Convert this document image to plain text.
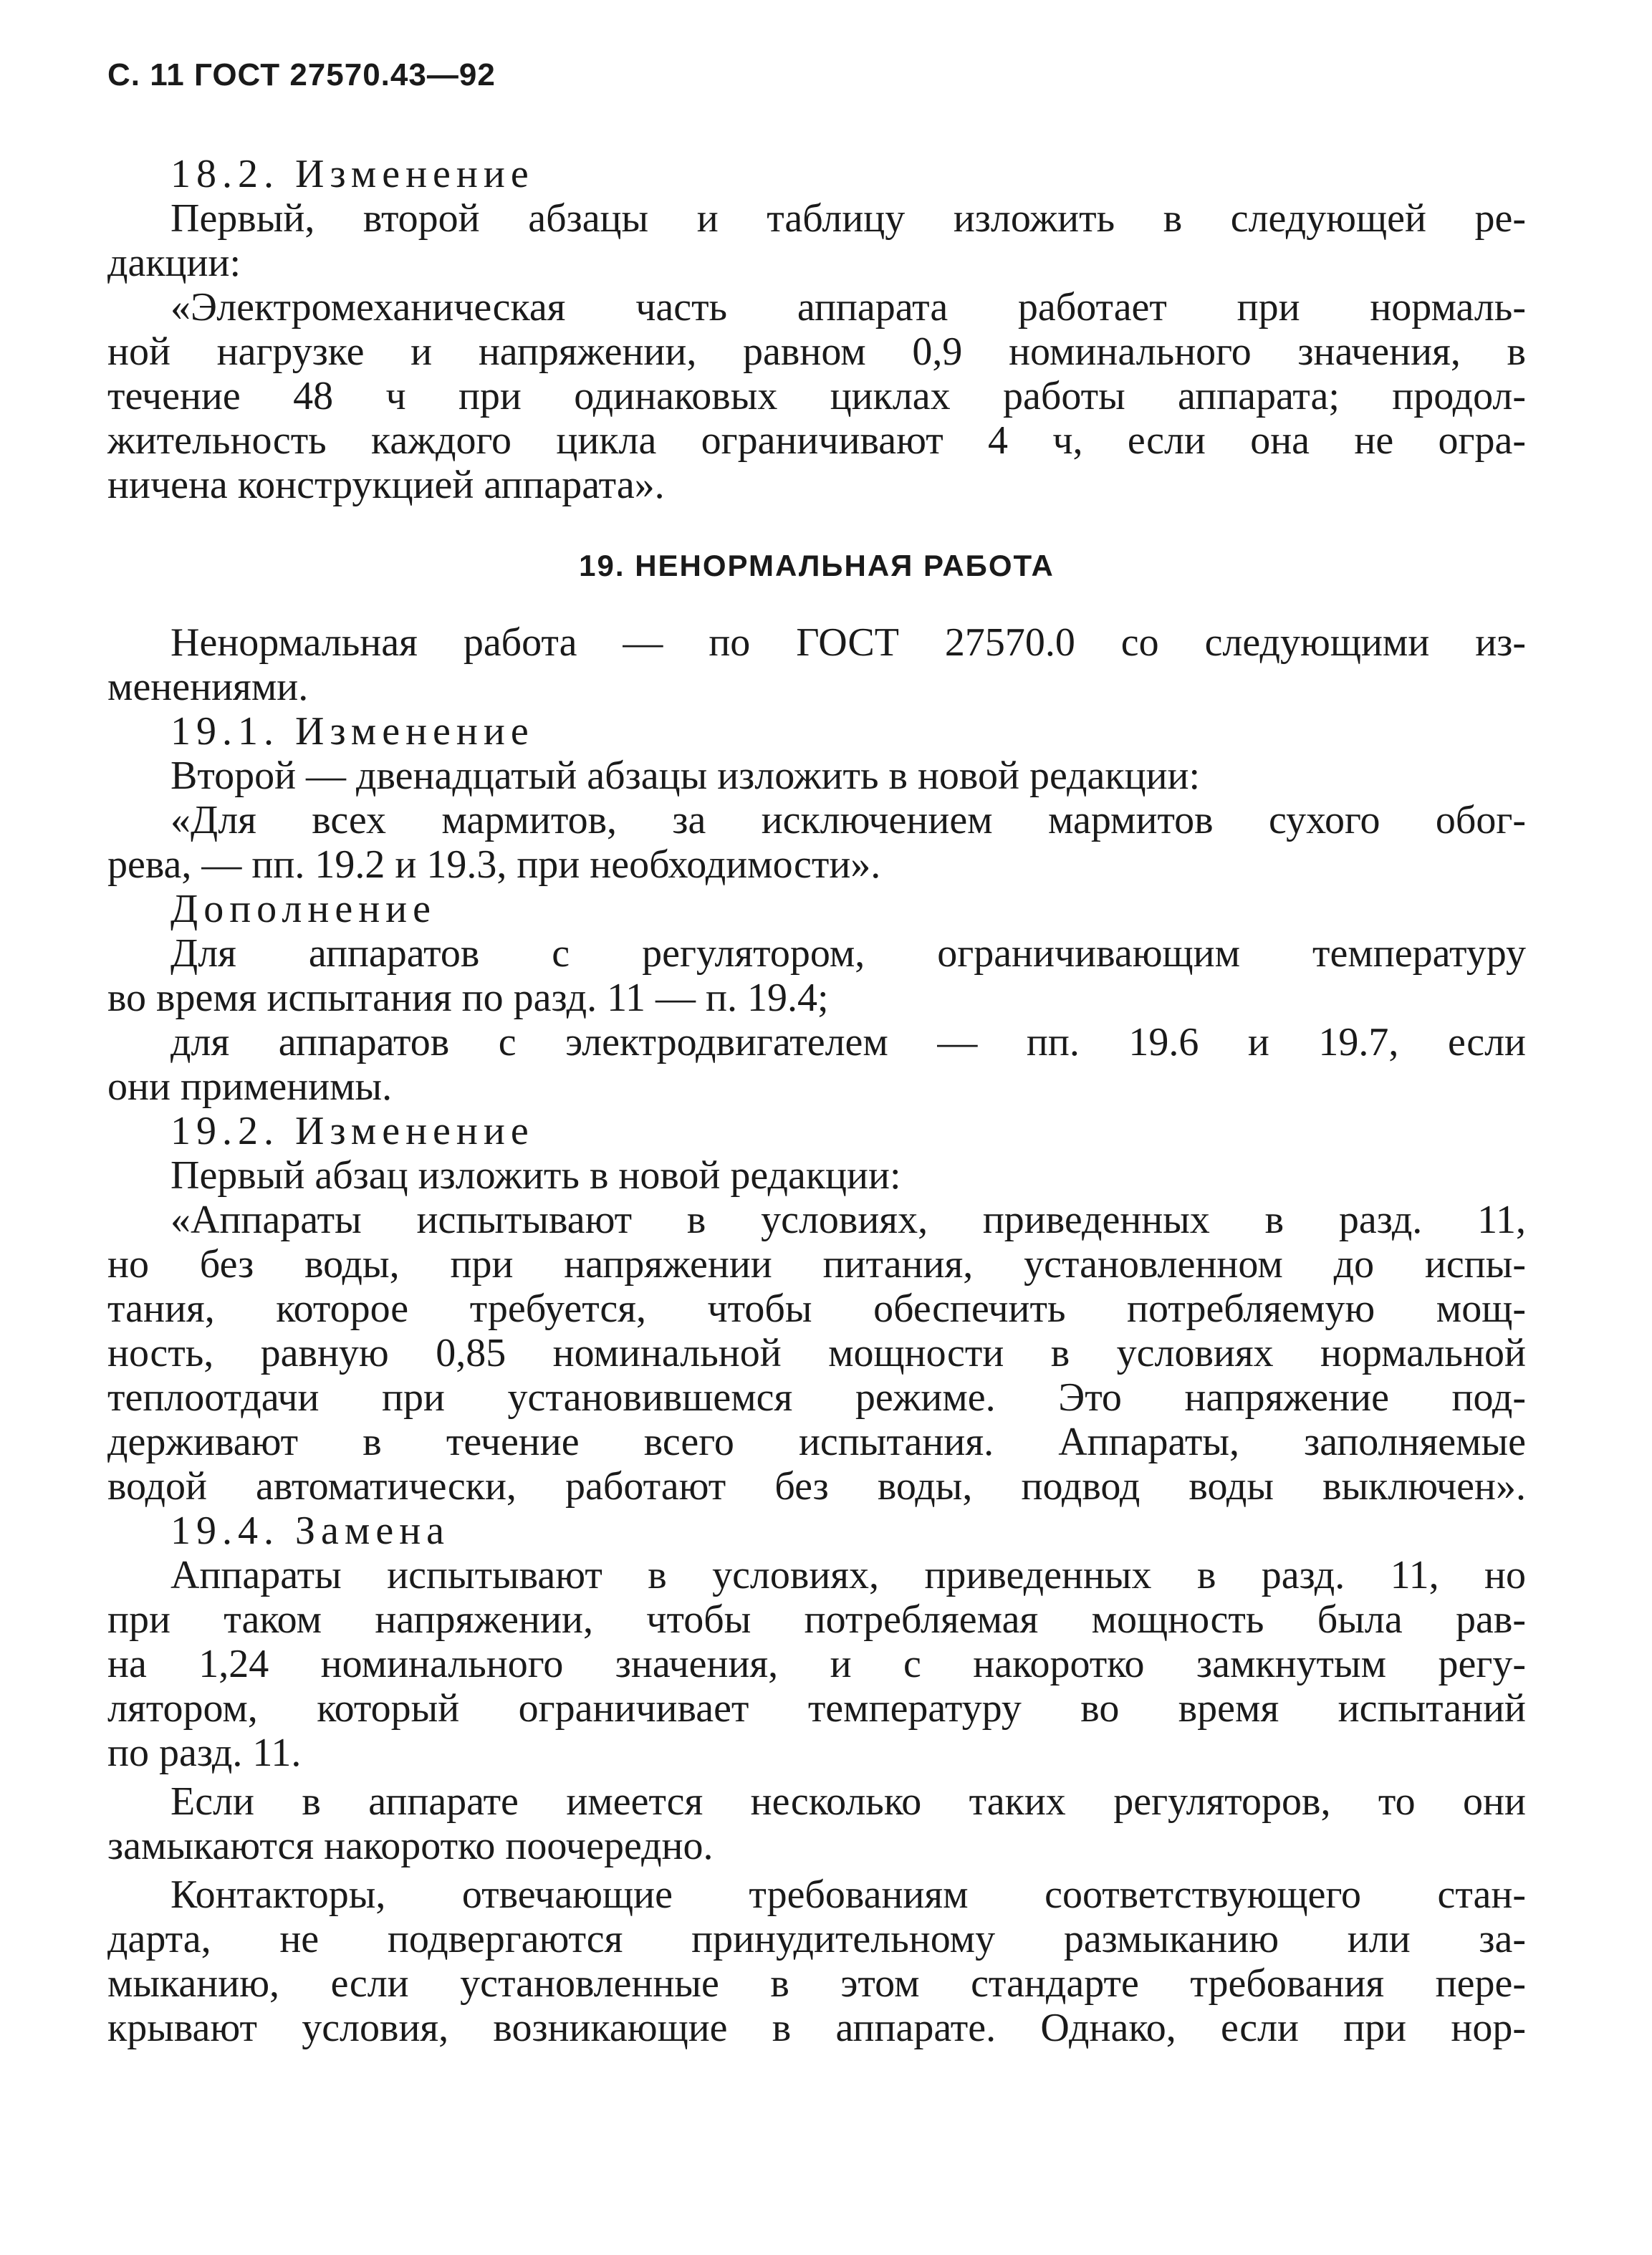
С. 11 ГОСТ 27570.43—92

18.2. Изменение

Первый, второй абзацы и таблицу изложить в следующей ре-

дакции:

«Электромеханическая часть аппарата работает при нормаль-

ной нагрузке и напряжении, равном 0,9 номинального значения, в

течение 48 ч при одинаковых циклах работы аппарата; продол-

жительность каждого цикла ограничивают 4 ч, если она не огра-

ничена конструкцией аппарата».

19. НЕНОРМАЛЬНАЯ РАБОТА

Ненормальная работа — по ГОСТ 27570.0 со следующими из-

менениями.

19.1. Изменение

Второй — двенадцатый абзацы изложить в новой редакции:

«Для всех мармитов, за исключением мармитов сухого обог-

рева, — пп. 19.2 и 19.3, при необходимости».

Дополнение

Для аппаратов с регулятором, ограничивающим температуру

во время испытания по разд. 11 — п. 19.4;

для аппаратов с электродвигателем — пп. 19.6 и 19.7, если

они применимы.

19.2. Изменение

Первый абзац изложить в новой редакции:

«Аппараты испытывают в условиях, приведенных в разд. 11,

но без воды, при напряжении питания, установленном до испы-

тания, которое требуется, чтобы обеспечить потребляемую мощ-

ность, равную 0,85 номинальной мощности в условиях нормальной

теплоотдачи при установившемся режиме. Это напряжение под-

держивают в течение всего испытания. Аппараты, заполняемые

водой автоматически, работают без воды, подвод воды выключен».

19.4. Замена

Аппараты испытывают в условиях, приведенных в разд. 11, но

при таком напряжении, чтобы потребляемая мощность была рав-

на 1,24 номинального значения, и с накоротко замкнутым регу-

лятором, который ограничивает температуру во время испытаний

по разд. 11.

Если в аппарате имеется несколько таких регуляторов, то они

замыкаются накоротко поочередно.

Контакторы, отвечающие требованиям соответствующего стан-

дарта, не подвергаются принудительному размыканию или за-

мыканию, если установленные в этом стандарте требования пере-

крывают условия, возникающие в аппарате. Однако, если при нор-
